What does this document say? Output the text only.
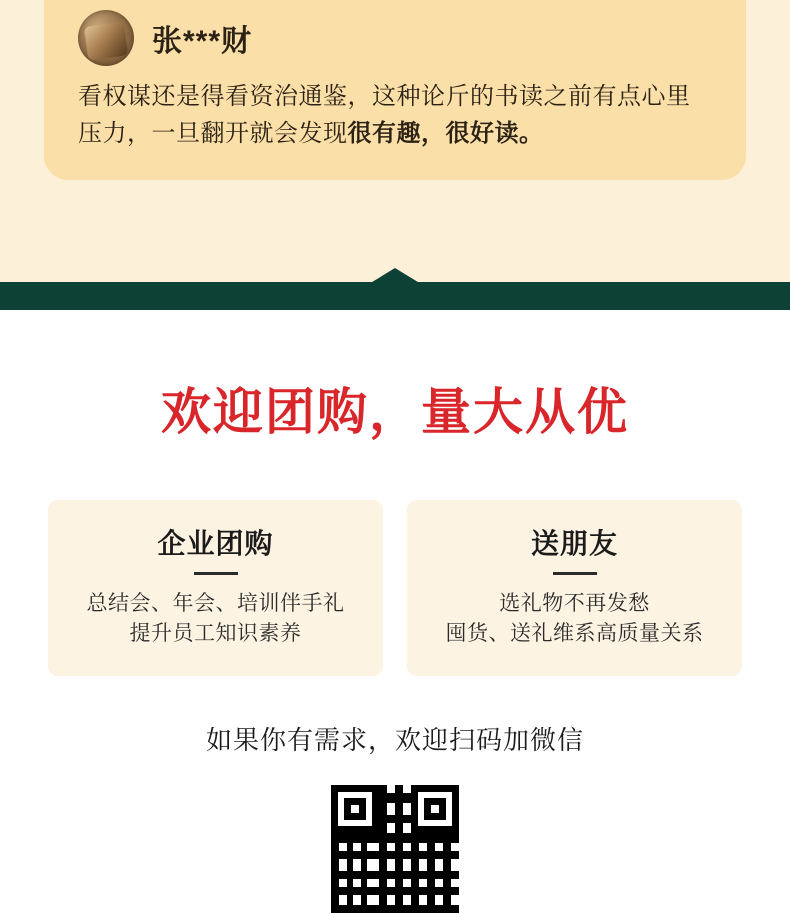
张***财
看权谋还是得看资治通鉴，这种论斤的书读之前有点心里压力，一旦翻开就会发现很有趣，很好读。
欢迎团购，量大从优
企业团购
总结会、年会、培训伴手礼
提升员工知识素养
送朋友
选礼物不再发愁
囤货、送礼维系高质量关系
如果你有需求，欢迎扫码加微信
